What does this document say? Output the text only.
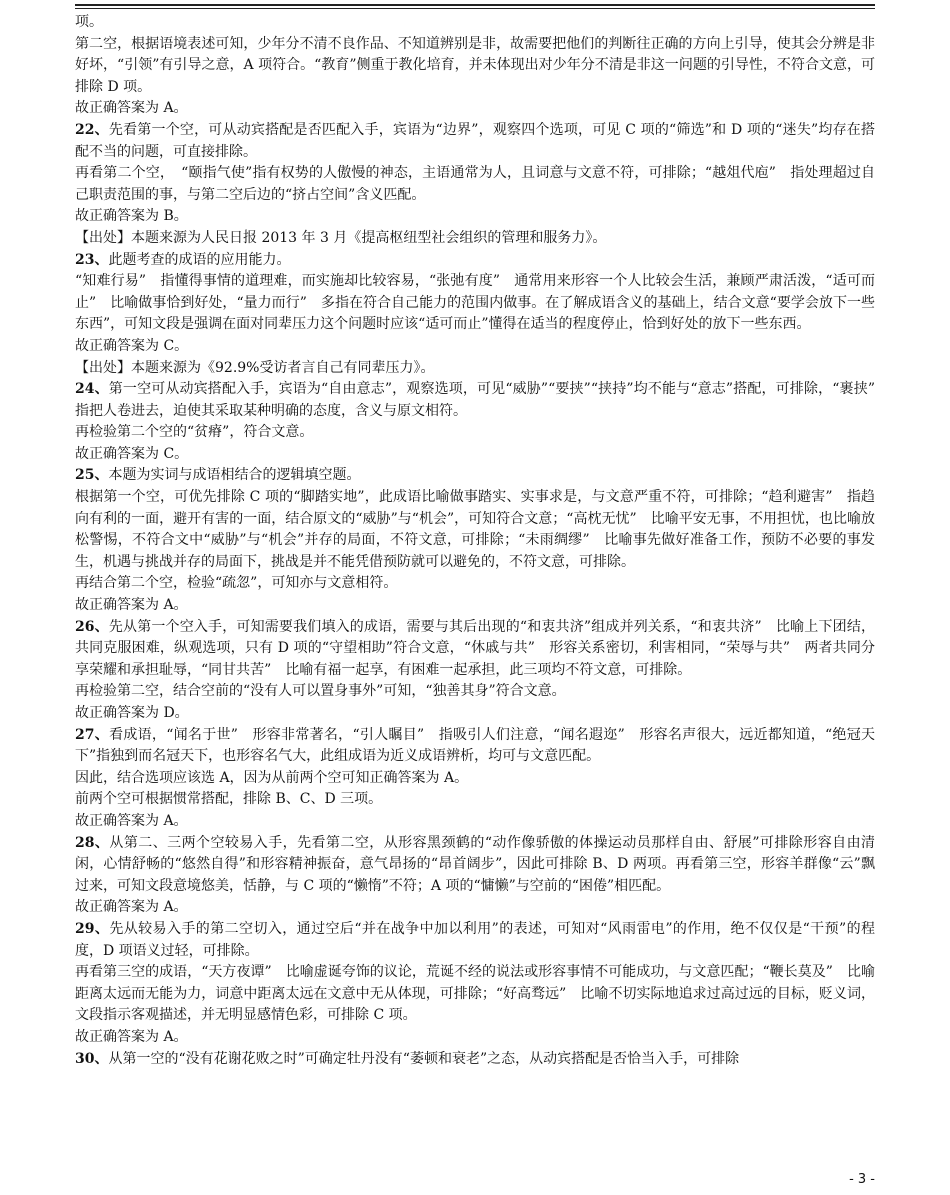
项。

第二空，根据语境表述可知，少年分不清不良作品、不知道辨别是非，故需要把他们的判断往正确的方向上引导，使其会分辨是非好坏，“引领”有引导之意，A 项符合。“教育”侧重于教化培育，并未体现出对少年分不清是非这一问题的引导性，不符合文意，可排除 D 项。

故正确答案为 A。

22、先看第一个空，可从动宾搭配是否匹配入手，宾语为“边界”，观察四个选项，可见 C 项的“筛选”和 D 项的“迷失”均存在搭配不当的问题，可直接排除。

再看第二个空，　“颐指气使”指有权势的人傲慢的神态，主语通常为人，且词意与文意不符，可排除；“越俎代庖”　指处理超过自己职责范围的事，与第二空后边的“挤占空间”含义匹配。

故正确答案为 B。

【出处】本题来源为人民日报 2013 年 3 月《提高枢纽型社会组织的管理和服务力》。

23、此题考查的成语的应用能力。

“知难行易”　指懂得事情的道理难，而实施却比较容易，“张弛有度”　通常用来形容一个人比较会生活，兼顾严肃活泼，“适可而止”　比喻做事恰到好处，“量力而行”　多指在符合自己能力的范围内做事。在了解成语含义的基础上，结合文意“要学会放下一些东西”，可知文段是强调在面对同辈压力这个问题时应该“适可而止”懂得在适当的程度停止，恰到好处的放下一些东西。

故正确答案为 C。

【出处】本题来源为《92.9%受访者言自己有同辈压力》。

24、第一空可从动宾搭配入手，宾语为“自由意志”，观察选项，可见“威胁”“要挟”“挟持”均不能与“意志”搭配，可排除，“裹挟”　指把人卷进去，迫使其采取某种明确的态度，含义与原文相符。

再检验第二个空的“贫瘠”，符合文意。

故正确答案为 C。

25、本题为实词与成语相结合的逻辑填空题。

根据第一个空，可优先排除 C 项的“脚踏实地”，此成语比喻做事踏实、实事求是，与文意严重不符，可排除；“趋利避害”　指趋向有利的一面，避开有害的一面，结合原文的“威胁”与“机会”，可知符合文意；“高枕无忧”　比喻平安无事，不用担忧，也比喻放松警惕，不符合文中“威胁”与“机会”并存的局面，不符文意，可排除；“未雨绸缪”　比喻事先做好准备工作，预防不必要的事发生，机遇与挑战并存的局面下，挑战是并不能凭借预防就可以避免的，不符文意，可排除。

再结合第二个空，检验“疏忽”，可知亦与文意相符。

故正确答案为 A。

26、先从第一个空入手，可知需要我们填入的成语，需要与其后出现的“和衷共济”组成并列关系，“和衷共济”　比喻上下团结，共同克服困难，纵观选项，只有 D 项的“守望相助”符合文意，“休戚与共”　形容关系密切，利害相同，“荣辱与共”　两者共同分享荣耀和承担耻辱，“同甘共苦”　比喻有福一起享，有困难一起承担，此三项均不符文意，可排除。

再检验第二空，结合空前的“没有人可以置身事外”可知，“独善其身”符合文意。

故正确答案为 D。

27、看成语，“闻名于世”　形容非常著名，“引人瞩目”　指吸引人们注意，“闻名遐迩”　形容名声很大，远近都知道，“绝冠天下”指独到而名冠天下，也形容名气大，此组成语为近义成语辨析，均可与文意匹配。

因此，结合选项应该选 A，因为从前两个空可知正确答案为 A。

前两个空可根据惯常搭配，排除 B、C、D 三项。

故正确答案为 A。

28、从第二、三两个空较易入手，先看第二空，从形容黑颈鹤的“动作像骄傲的体操运动员那样自由、舒展”可排除形容自由清闲，心情舒畅的“悠然自得”和形容精神振奋，意气昂扬的“昂首阔步”，因此可排除 B、D 两项。再看第三空，形容羊群像“云”飘过来，可知文段意境悠美，恬静，与 C 项的“懒惰”不符；A 项的“慵懒”与空前的“困倦”相匹配。

故正确答案为 A。

29、先从较易入手的第二空切入，通过空后“并在战争中加以利用”的表述，可知对“风雨雷电”的作用，绝不仅仅是“干预”的程度，D 项语义过轻，可排除。

再看第三空的成语，“天方夜谭”　比喻虚诞夸饰的议论，荒诞不经的说法或形容事情不可能成功，与文意匹配；“鞭长莫及”　比喻距离太远而无能为力，词意中距离太远在文意中无从体现，可排除；“好高骛远”　比喻不切实际地追求过高过远的目标，贬义词，文段指示客观描述，并无明显感情色彩，可排除 C 项。

故正确答案为 A。

30、从第一空的“没有花谢花败之时”可确定牡丹没有“萎顿和衰老”之态，从动宾搭配是否恰当入手，可排除

- 3 -
